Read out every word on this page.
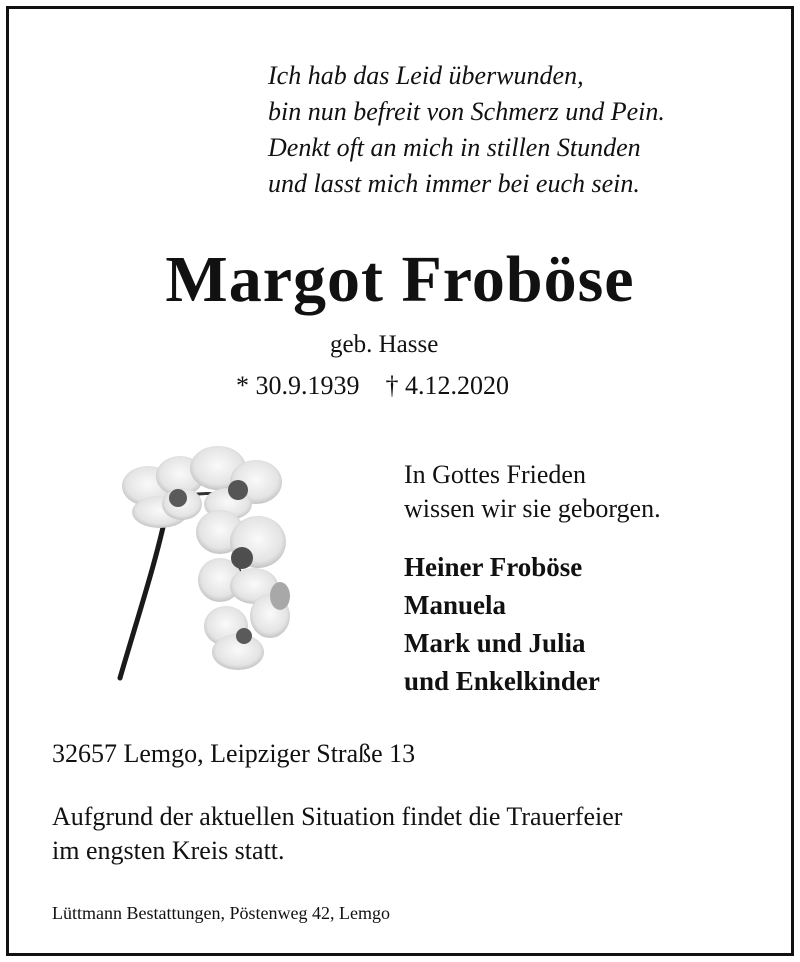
Ich hab das Leid überwunden,
bin nun befreit von Schmerz und Pein.
Denkt oft an mich in stillen Stunden
und lasst mich immer bei euch sein.
Margot Froböse
geb. Hasse
* 30.9.1939 † 4.12.2020
In Gottes Frieden
wissen wir sie geborgen.
Heiner Froböse
Manuela
Mark und Julia
und Enkelkinder
32657 Lemgo, Leipziger Straße 13
Aufgrund der aktuellen Situation findet die Trauerfeier
im engsten Kreis statt.
Lüttmann Bestattungen, Pöstenweg 42, Lemgo
